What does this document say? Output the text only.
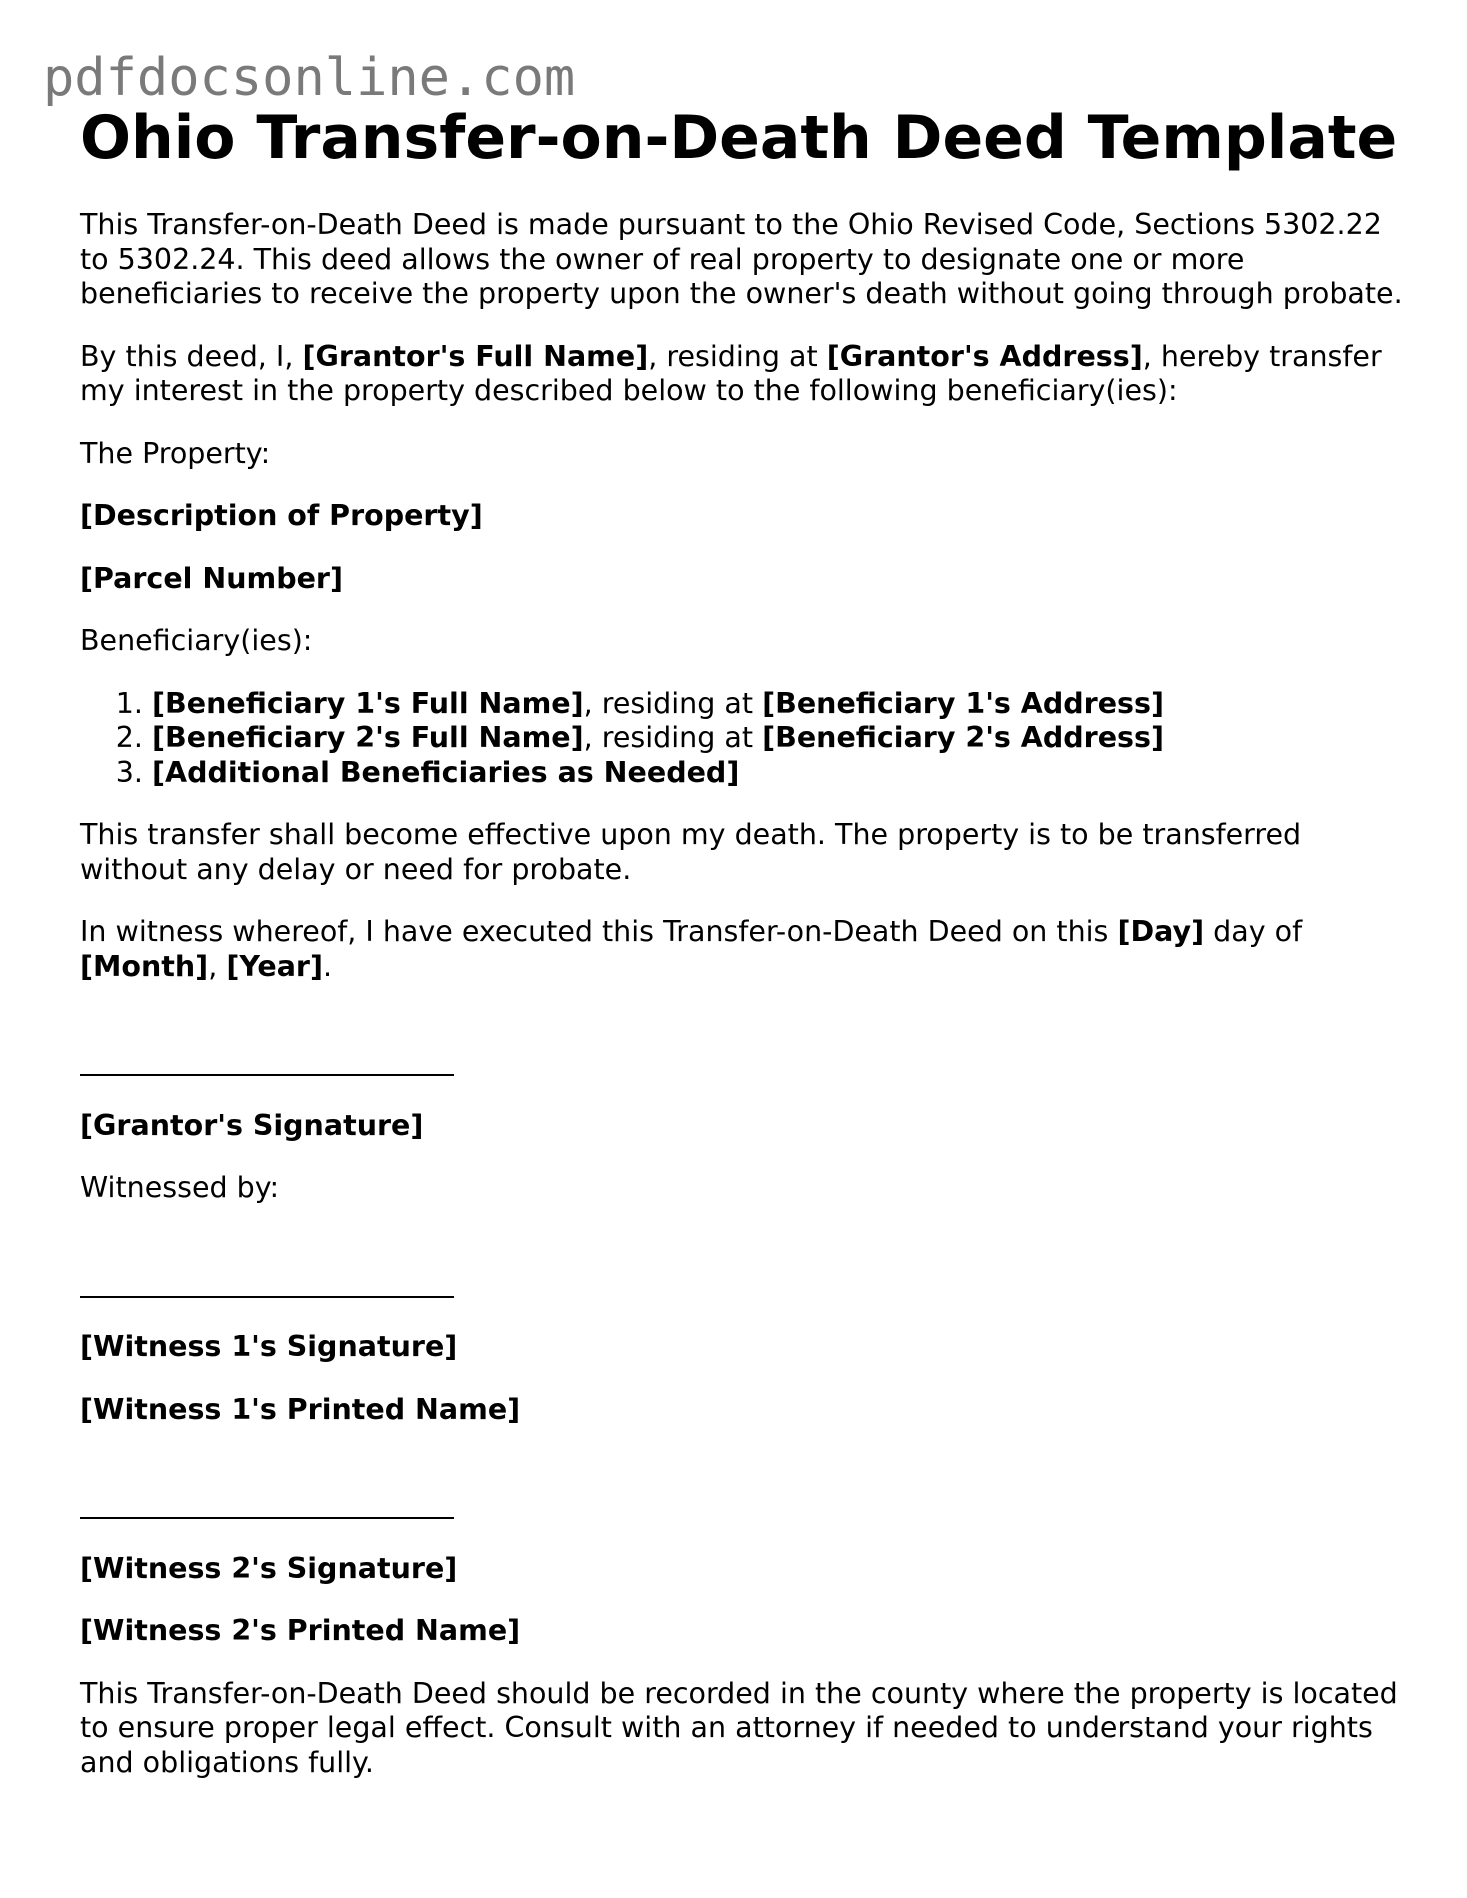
pdfdocsonline.com
Ohio Transfer-on-Death Deed Template

This Transfer-on-Death Deed is made pursuant to the Ohio Revised Code, Sections 5302.22 to 5302.24. This deed allows the owner of real property to designate one or more beneficiaries to receive the property upon the owner's death without going through probate.

By this deed, I, [Grantor's Full Name], residing at [Grantor's Address], hereby transfer my interest in the property described below to the following beneficiary(ies):

The Property:

[Description of Property]

[Parcel Number]

Beneficiary(ies):

1. [Beneficiary 1's Full Name], residing at [Beneficiary 1's Address]
2. [Beneficiary 2's Full Name], residing at [Beneficiary 2's Address]
3. [Additional Beneficiaries as Needed]

This transfer shall become effective upon my death. The property is to be transferred without any delay or need for probate.

In witness whereof, I have executed this Transfer-on-Death Deed on this [Day] day of [Month], [Year].

[Grantor's Signature]

Witnessed by:

[Witness 1's Signature]

[Witness 1's Printed Name]

[Witness 2's Signature]

[Witness 2's Printed Name]

This Transfer-on-Death Deed should be recorded in the county where the property is located to ensure proper legal effect. Consult with an attorney if needed to understand your rights and obligations fully.
